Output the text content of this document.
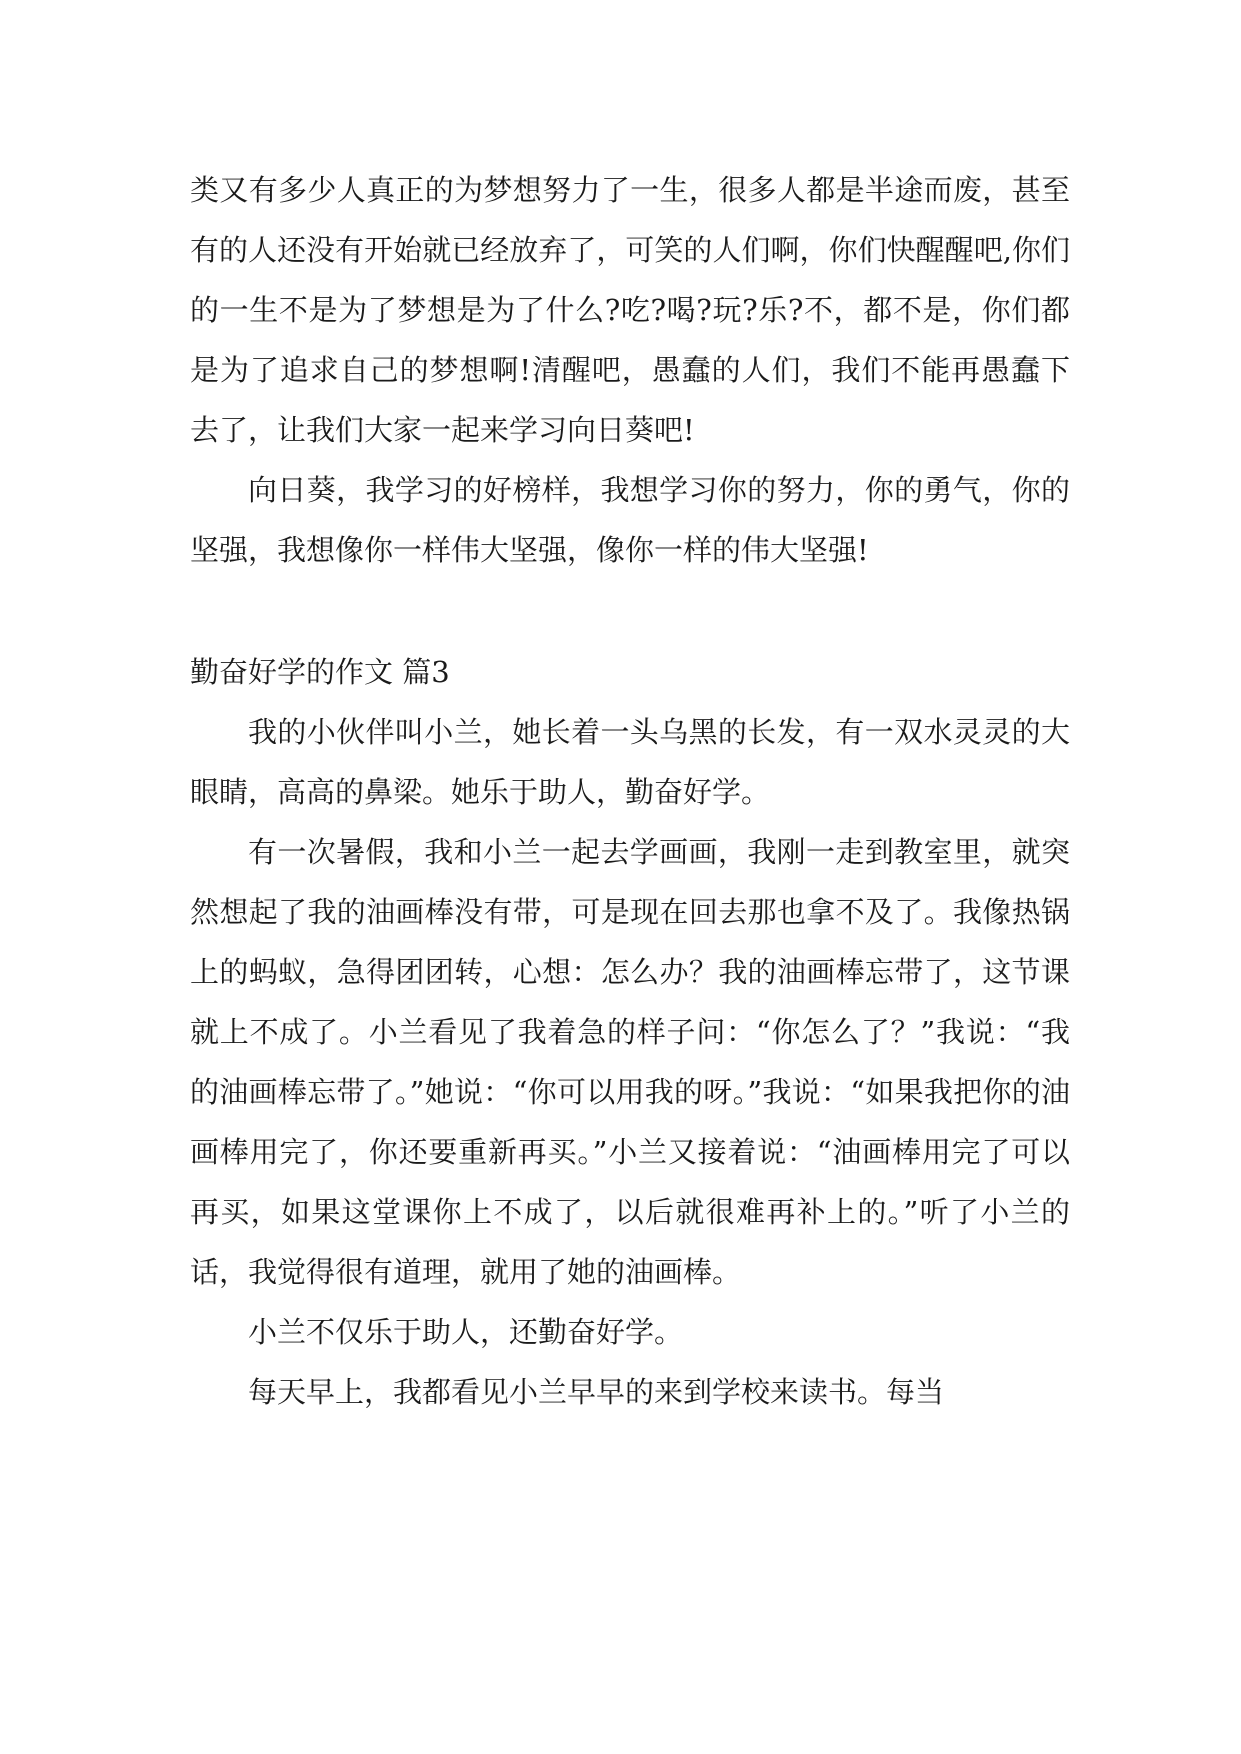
类又有多少人真正的为梦想努力了一生，很多人都是半途而废，甚至有的人还没有开始就已经放弃了，可笑的人们啊，你们快醒醒吧,你们的一生不是为了梦想是为了什么?吃?喝?玩?乐?不，都不是，你们都是为了追求自己的梦想啊!清醒吧，愚蠢的人们，我们不能再愚蠢下去了，让我们大家一起来学习向日葵吧!

向日葵，我学习的好榜样，我想学习你的努力，你的勇气，你的坚强，我想像你一样伟大坚强，像你一样的伟大坚强!

勤奋好学的作文 篇3

我的小伙伴叫小兰，她长着一头乌黑的长发，有一双水灵灵的大眼睛，高高的鼻梁。她乐于助人，勤奋好学。

有一次暑假，我和小兰一起去学画画，我刚一走到教室里，就突然想起了我的油画棒没有带，可是现在回去那也拿不及了。我像热锅上的蚂蚁，急得团团转，心想：怎么办？我的油画棒忘带了，这节课就上不成了。小兰看见了我着急的样子问：“你怎么了？”我说：“我的油画棒忘带了。”她说：“你可以用我的呀。”我说：“如果我把你的油画棒用完了，你还要重新再买。”小兰又接着说：“油画棒用完了可以再买，如果这堂课你上不成了，以后就很难再补上的。”听了小兰的话，我觉得很有道理，就用了她的油画棒。

小兰不仅乐于助人，还勤奋好学。

每天早上，我都看见小兰早早的来到学校来读书。每当
